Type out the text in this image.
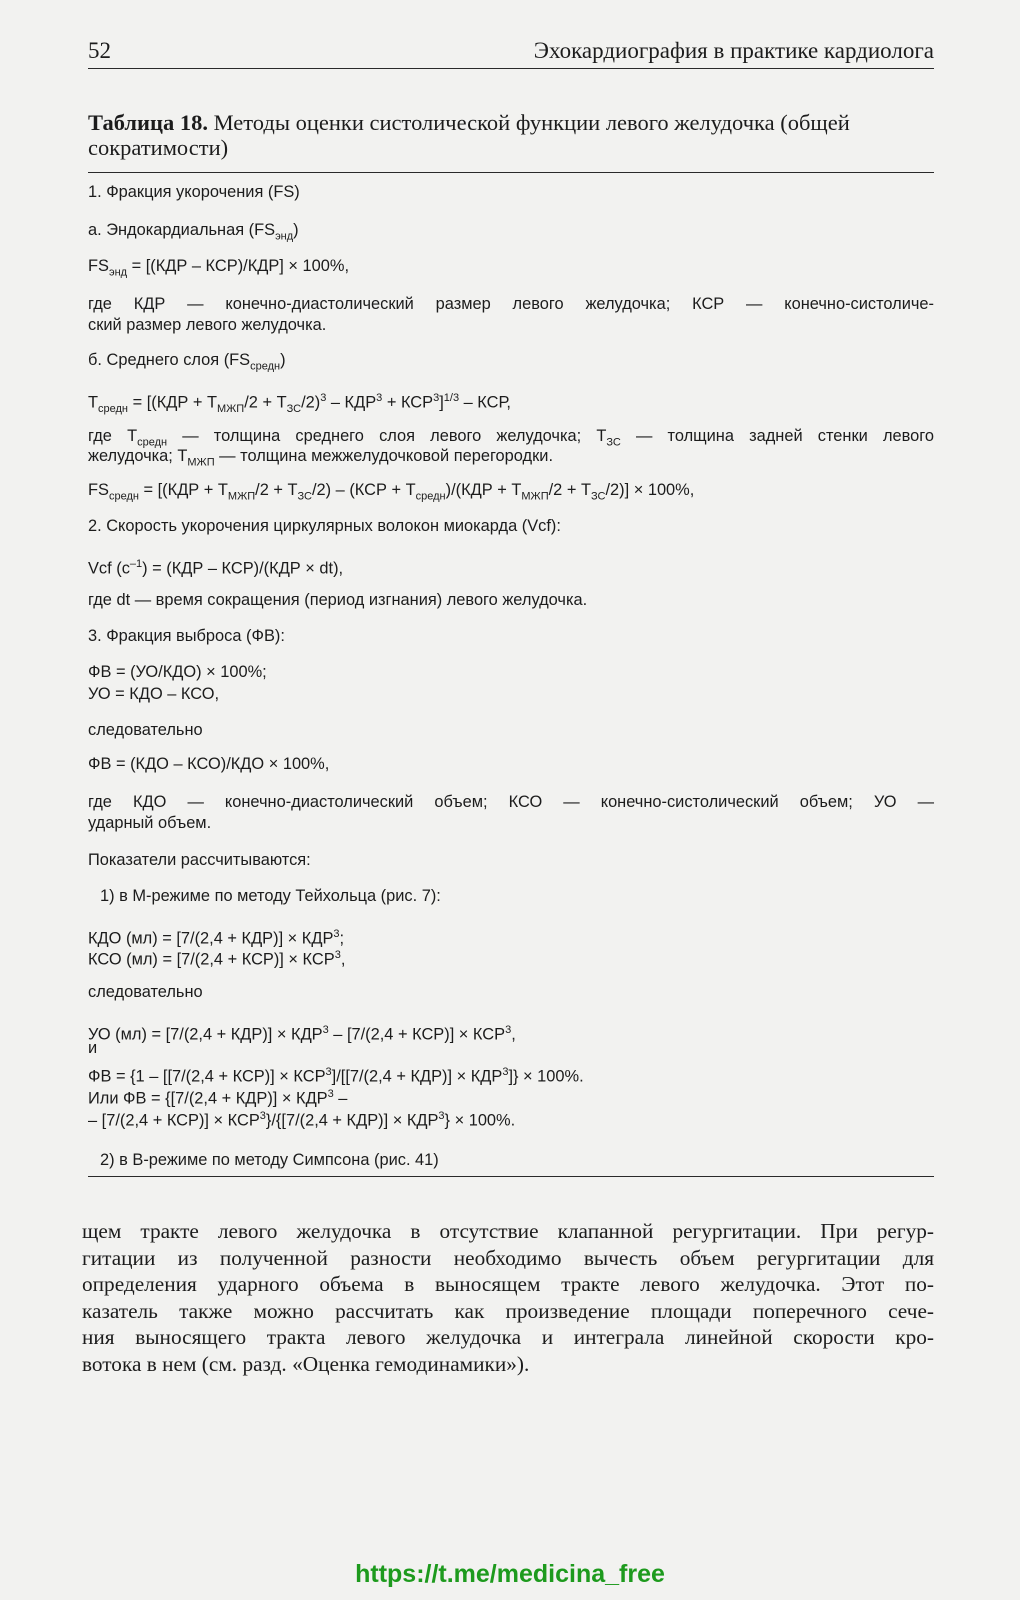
52	Эхокардиография в практике кардиолога
Таблица 18. Методы оценки систолической функции левого желудочка (общей
сократимости)
1. Фракция укорочения (FS)
а. Эндокардиальная $(FS_{энд})$
$FS_{энд} = [(КДР - КСР)/КДР] \times 100\%$,
где КДР — конечно-диастолический размер левого желудочка; КСР — конечно-систоличе-
ский размер левого желудочка.
б. Среднего слоя $(FS_{средн})$
$Т_{средн} = [(КДР + Т_{МЖП}/2 + Т_{ЗС}/2)^3 - КДР^3 + КСР^3]^{1/3}$ – КСР,
где $Т_{средн}$ — толщина среднего слоя левого желудочка; $Т_{ЗС}$ — толщина задней стенки левого
желудочка; $Т_{МЖП}$ — толщина межжелудочковой перегородки.
$FS_{средн} = [(КДР + Т_{МЖП}/2 + Т_{ЗС}/2) - (КСР + Т_{средн})/(КДР + Т_{МЖП}/2 + Т_{ЗС}/2)] \times 100\%$,
2. Скорость укорочения циркулярных волокон миокарда (Vcf):
Vcf $(с^{-1}) = (КДР - КСР)/(КДР \times dt)$,
где dt — время сокращения (период изгнания) левого желудочка.
3. Фракция выброса (ФВ):
ФВ = (УО/КДО) × 100%;
УО = КДО – КСО,
следовательно
ФВ = (КДО – КСО)/КДО × 100%,
где КДО — конечно-диастолический объем; КСО — конечно-систолический объем; УО —
ударный объем.
Показатели рассчитываются:
1) в М-режиме по методу Тейхольца (рис. 7):
КДО $(мл) = [7/(2,4 + КДР)] \times КДР^3$;
КСО $(мл) = [7/(2,4 + КСР)] \times КСР^3$,
следовательно
УО $(мл) = [7/(2,4 + КДР)] \times КДР^3 - [7/(2,4 + КСР)] \times КСР^3$,
и
ФВ = $\{1 - [[7/(2,4 + КСР)] \times КСР^3]/[[7/(2,4 + КДР)] \times КДР^3]\} \times 100\%$.
Или ФВ = {$[7/(2,4 + КДР)] \times КДР^3$ –
– $[7/(2,4 + КСР)] \times КСР^3\}/\{[7/(2,4 + КДР)] \times КДР^3\} \times 100\%$.
2) в В-режиме по методу Симпсона (рис. 41)
щем тракте левого желудочка в отсутствие клапанной регургитации. При регур-
гитации из полученной разности необходимо вычесть объем регургитации для
определения ударного объема в выносящем тракте левого желудочка. Этот по-
казатель также можно рассчитать как произведение площади поперечного сече-
ния выносящего тракта левого желудочка и интеграла линейной скорости кро-
вотока в нем (см. разд. «Оценка гемодинамики»).
https://t.me/medicina_free
